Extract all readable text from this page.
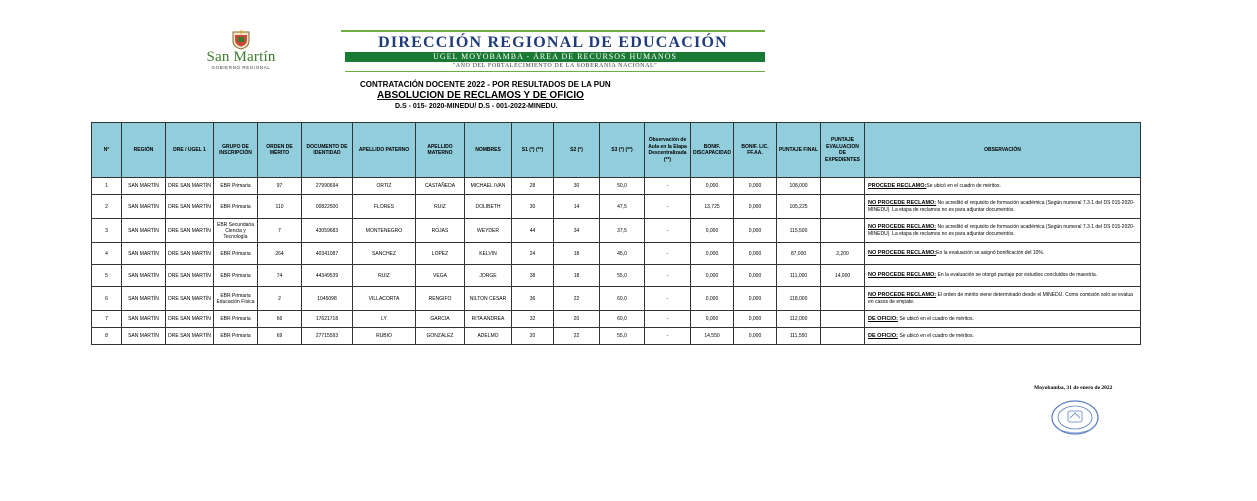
San Martín
GOBIERNO REGIONAL
DIRECCIÓN REGIONAL DE EDUCACIÓN
UGEL MOYOBAMBA - ÁREA DE RECURSOS HUMANOS
"AÑO DEL FORTALECIMIENTO DE LA SOBERANÍA NACIONAL"
CONTRATACIÓN DOCENTE 2022 - POR RESULTADOS DE LA PUN
ABSOLUCION DE RECLAMOS Y DE OFICIO
D.S - 015- 2020-MINEDU/ D.S - 001-2022-MINEDU.
N°	REGIÓN	DRE / UGEL 1	GRUPO DE INSCRIPCIÓN	ORDEN DE MÉRITO	DOCUMENTO DE IDENTIDAD	APELLIDO PATERNO	APELLIDO MATERNO	NOMBRES	S1 (*) (**)	S2 (*)	S3 (*) (**)	Observación de Aula en la Etapa Descentralizada (**)	BONIF. DISCAPACIDAD	BONIF. LIC. FF.AA.	PUNTAJE FINAL	PUNTAJE EVALUACION DE EXPEDIENTES	OBSERVACIÓN
1	SAN MARTÍN	DRE SAN MARTÍN	EBR Primaria	97	27990694	ORTIZ	CASTAÑEDA	MICHAEL IVAN	28	30	50,0	-	0,000	0,000	108,000		PROCEDE RECLAMO:Se ubicó en el cuadro de méritos.
2	SAN MARTÍN	DRE SAN MARTÍN	EBR Primaria	110	00822500	FLORES	RUIZ	DOLIBETH	30	14	47,5	-	13,725	0,000	105,225		NO PROCEDE RECLAMO: No acreditó el requisito de formación académica (Según numeral 7.3.1 del DS 015-2020-MINEDU). La etapa de reclamos no es para adjuntar documentos.
3	SAN MARTÍN	DRE SAN MARTÍN	EBR Secundaria Ciencia y Tecnología	7	43059683	MONTENEGRO	ROJAS	WEYDER	44	34	37,5	-	0,000	0,000	115,500		NO PROCEDE RECLAMO: No acreditó el requisito de formación académica (Según numeral 7.3.1 del DS 015-2020-MINEDU). La etapa de reclamos no es para adjuntar documentos.
4	SAN MARTÍN	DRE SAN MARTÍN	EBR Primaria	264	40341087	SANCHEZ	LOPEZ	KELVIN	24	18	45,0	-	0,000	0,000	87,000	2,200	NO PROCEDE RECLAMO:En la evaluación se asignó bonificación del 10%.
5	SAN MARTÍN	DRE SAN MARTÍN	EBR Primaria	74	44349539	RUIZ	VEGA	JORGE	38	18	55,0	-	0,000	0,000	111,000	14,000	NO PROCEDE RECLAMO: En la evaluación se otorgó puntaje por estudios concluidos de maestría.
6	SAN MARTÍN	DRE SAN MARTÍN	EBR Primaria Educación Física	2	1045098	VILLACORTA	RENGIFO	NILTON CESAR	36	22	60,0	-	0,000	0,000	118,000		NO PROCEDE RECLAMO: El orden de mérito viene determinado desde el MINEDU. Como comisión solo se evalua en casos de empate.
7	SAN MARTÍN	DRE SAN MARTÍN	EBR Primaria	66	17621718	LY	GARCIA	RITA ANDREA	32	20	60,0	-	0,000	0,000	112,000		DE OFICIO: Se ubicó en el cuadro de méritos.
8	SAN MARTÍN	DRE SAN MARTÍN	EBR Primaria	69	27715593	RUBIO	GONZALEZ	ADELMO	20	22	55,0	-	14,550	0,000	111,550		DE OFICIO: Se ubicó en el cuadro de méritos.
Moyobamba, 31 de enero de 2022
